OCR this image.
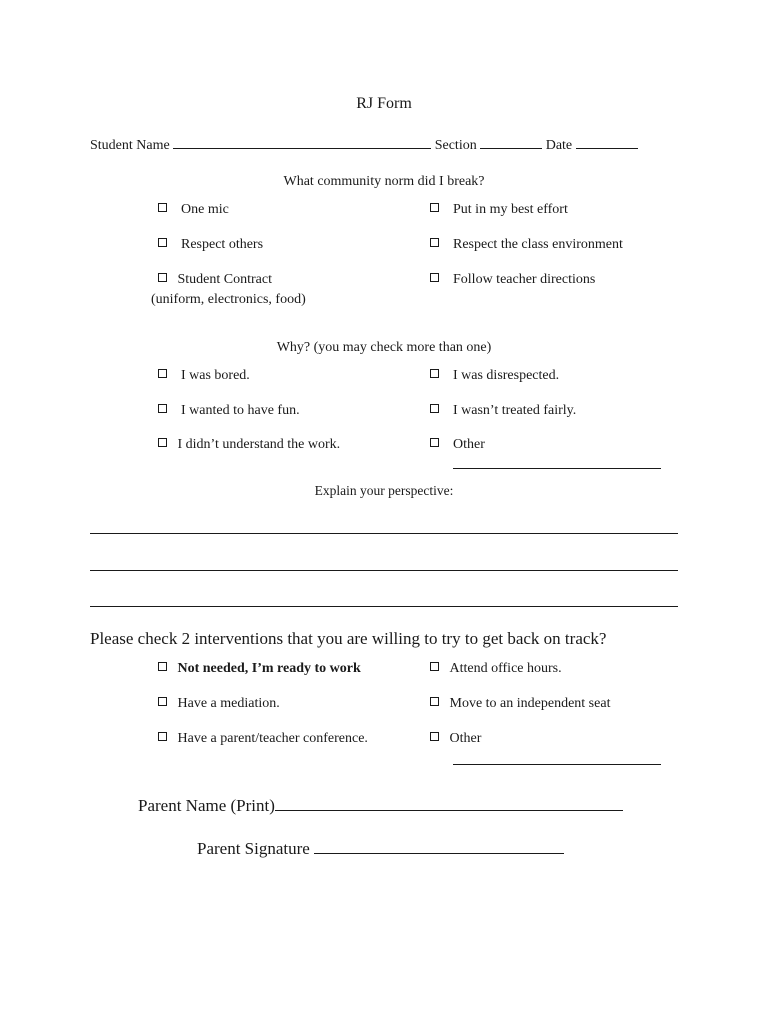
RJ Form
Student Name	Section	Date
What community norm did I break?
One mic	Put in my best effort
Respect others	Respect the class environment
Student Contract	Follow teacher directions
(uniform, electronics, food)
Why? (you may check more than one)
I was bored.	I was disrespected.
I wanted to have fun.	I wasn’t treated fairly.
I didn’t understand the work.	Other
Explain your perspective:
Please check 2 interventions that you are willing to try to get back on track?
Not needed, I’m ready to work	Attend office hours.
Have a mediation.	Move to an independent seat
Have a parent/teacher conference.	Other
Parent Name (Print)
Parent Signature
